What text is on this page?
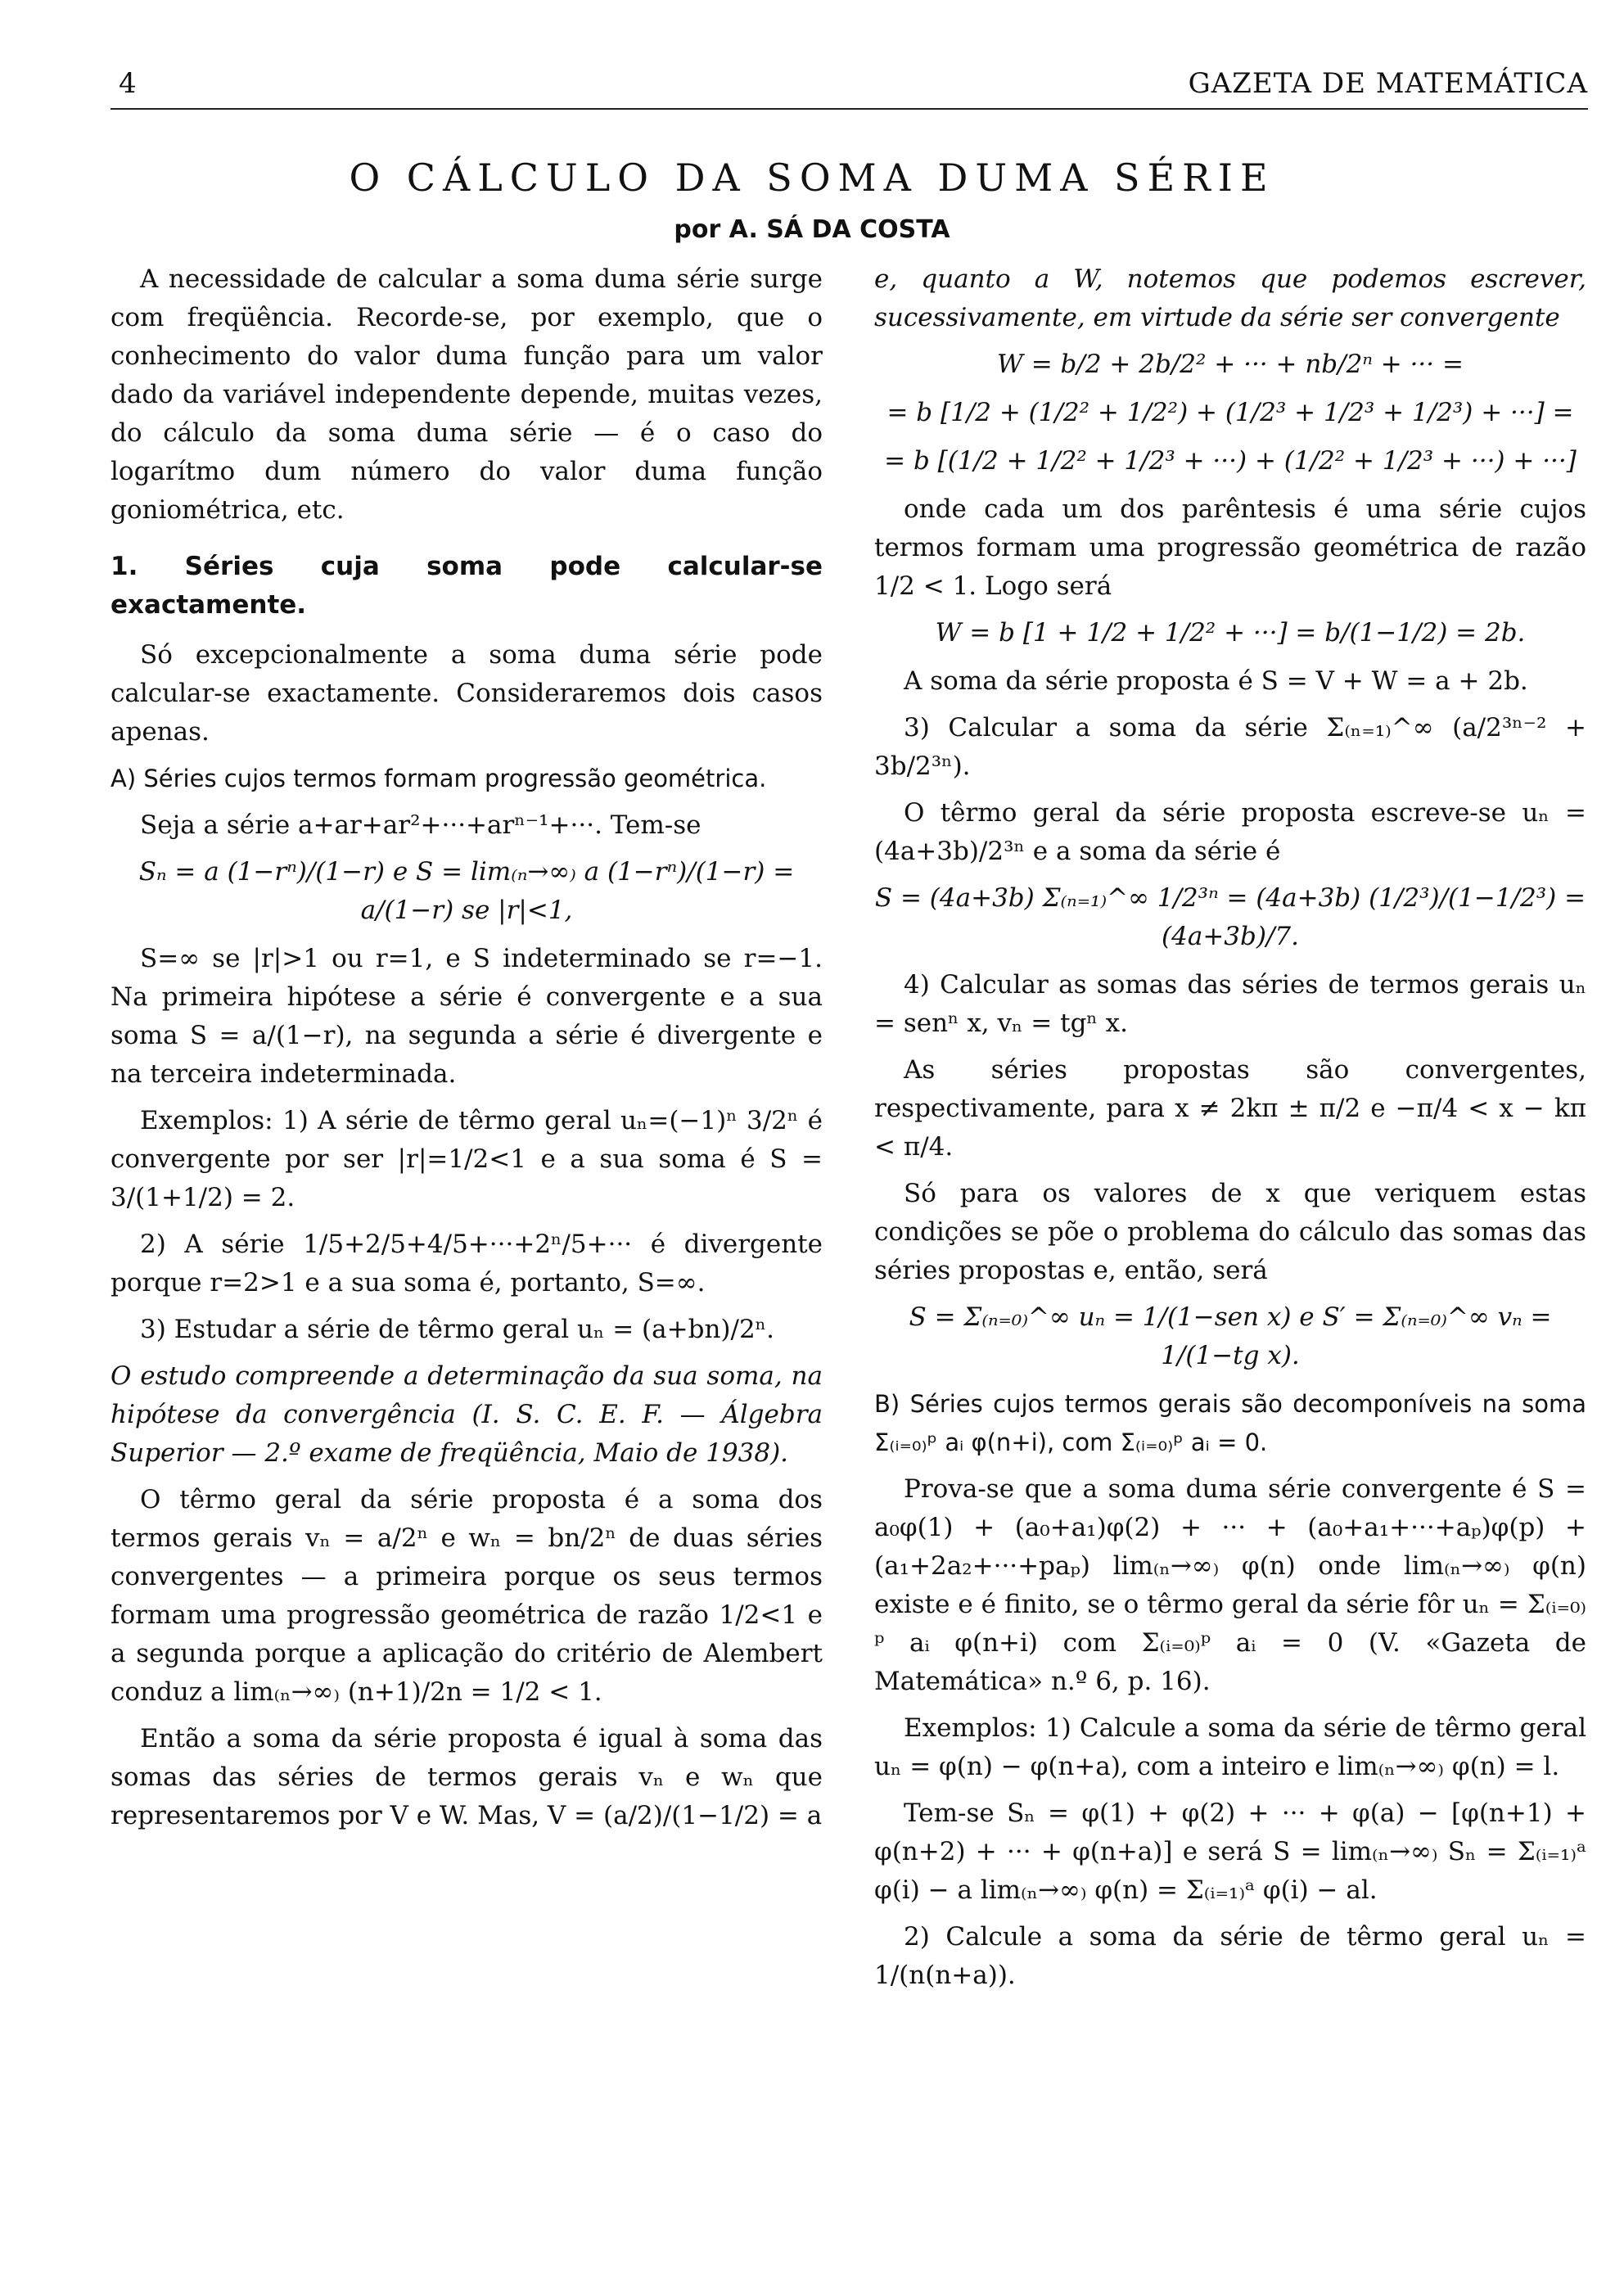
4	GAZETA DE MATEMÁTICA
O CÁLCULO DA SOMA DUMA SÉRIE
por A. SÁ DA COSTA

A necessidade de calcular a soma duma série surge com freqüência. Recorde-se, por exemplo, que o conhecimento do valor duma função para um valor dado da variável independente depende, muitas vezes, do cálculo da soma duma série — é o caso do logarítmo dum número do valor duma função goniométrica, etc.

1. Séries cuja soma pode calcular-se exactamente.

Só excepcionalmente a soma duma série pode calcular-se exactamente. Consideraremos dois casos apenas.

A) Séries cujos termos formam progressão geométrica.

Seja a série a+ar+ar²+···+arⁿ⁻¹+···. Tem-se

Sₙ = a (1−rⁿ)/(1−r) e S = lim₍ₙ→∞₎ a (1−rⁿ)/(1−r) = a/(1−r) se |r|<1,

S=∞ se |r|>1 ou r=1, e S indeterminado se r=−1. Na primeira hipótese a série é convergente e a sua soma S = a/(1−r), na segunda a série é divergente e na terceira indeterminada.

Exemplos: 1) A série de têrmo geral uₙ=(−1)ⁿ 3/2ⁿ é convergente por ser |r|=1/2<1 e a sua soma é S = 3/(1+1/2) = 2.

2) A série 1/5+2/5+4/5+···+2ⁿ/5+··· é divergente porque r=2>1 e a sua soma é, portanto, S=∞.

3) Estudar a série de têrmo geral uₙ = (a+bn)/2ⁿ.

O estudo compreende a determinação da sua soma, na hipótese da convergência (I. S. C. E. F. — Álgebra Superior — 2.º exame de freqüência, Maio de 1938).

O têrmo geral da série proposta é a soma dos termos gerais vₙ = a/2ⁿ e wₙ = bn/2ⁿ de duas séries convergentes — a primeira porque os seus termos formam uma progressão geométrica de razão 1/2<1 e a segunda porque a aplicação do critério de Alembert conduz a lim₍ₙ→∞₎ (n+1)/2n = 1/2 < 1.

Então a soma da série proposta é igual à soma das somas das séries de termos gerais vₙ e wₙ que representaremos por V e W. Mas, V = (a/2)/(1−1/2) = a

e, quanto a W, notemos que podemos escrever, sucessivamente, em virtude da série ser convergente

W = b/2 + 2b/2² + ··· + nb/2ⁿ + ··· =

= b [1/2 + (1/2² + 1/2²) + (1/2³ + 1/2³ + 1/2³) + ···] =

= b [(1/2 + 1/2² + 1/2³ + ···) + (1/2² + 1/2³ + ···) + ···]

onde cada um dos parêntesis é uma série cujos termos formam uma progressão geométrica de razão 1/2 < 1. Logo será

W = b [1 + 1/2 + 1/2² + ···] = b/(1−1/2) = 2b.

A soma da série proposta é S = V + W = a + 2b.

3) Calcular a soma da série Σ₍ₙ₌₁₎^∞ (a/2³ⁿ⁻² + 3b/2³ⁿ).

O têrmo geral da série proposta escreve-se uₙ = (4a+3b)/2³ⁿ e a soma da série é

S = (4a+3b) Σ₍ₙ₌₁₎^∞ 1/2³ⁿ = (4a+3b) (1/2³)/(1−1/2³) = (4a+3b)/7.

4) Calcular as somas das séries de termos gerais uₙ = senⁿ x, vₙ = tgⁿ x.

As séries propostas são convergentes, respectivamente, para x ≠ 2kπ ± π/2 e −π/4 < x − kπ < π/4.

Só para os valores de x que veriquem estas condições se põe o problema do cálculo das somas das séries propostas e, então, será

S = Σ₍ₙ₌₀₎^∞ uₙ = 1/(1−sen x) e S′ = Σ₍ₙ₌₀₎^∞ vₙ = 1/(1−tg x).

B) Séries cujos termos gerais são decomponíveis na soma Σ₍ᵢ₌₀₎ᵖ aᵢ φ(n+i), com Σ₍ᵢ₌₀₎ᵖ aᵢ = 0.

Prova-se que a soma duma série convergente é S = a₀φ(1) + (a₀+a₁)φ(2) + ··· + (a₀+a₁+···+aₚ)φ(p) + (a₁+2a₂+···+paₚ) lim₍ₙ→∞₎ φ(n) onde lim₍ₙ→∞₎ φ(n) existe e é finito, se o têrmo geral da série fôr uₙ = Σ₍ᵢ₌₀₎ᵖ aᵢ φ(n+i) com Σ₍ᵢ₌₀₎ᵖ aᵢ = 0 (V. «Gazeta de Matemática» n.º 6, p. 16).

Exemplos: 1) Calcule a soma da série de têrmo geral uₙ = φ(n) − φ(n+a), com a inteiro e lim₍ₙ→∞₎ φ(n) = l.

Tem-se Sₙ = φ(1) + φ(2) + ··· + φ(a) − [φ(n+1) + φ(n+2) + ··· + φ(n+a)] e será S = lim₍ₙ→∞₎ Sₙ = Σ₍ᵢ₌₁₎ᵃ φ(i) − a lim₍ₙ→∞₎ φ(n) = Σ₍ᵢ₌₁₎ᵃ φ(i) − al.

2) Calcule a soma da série de têrmo geral uₙ = 1/(n(n+a)).
